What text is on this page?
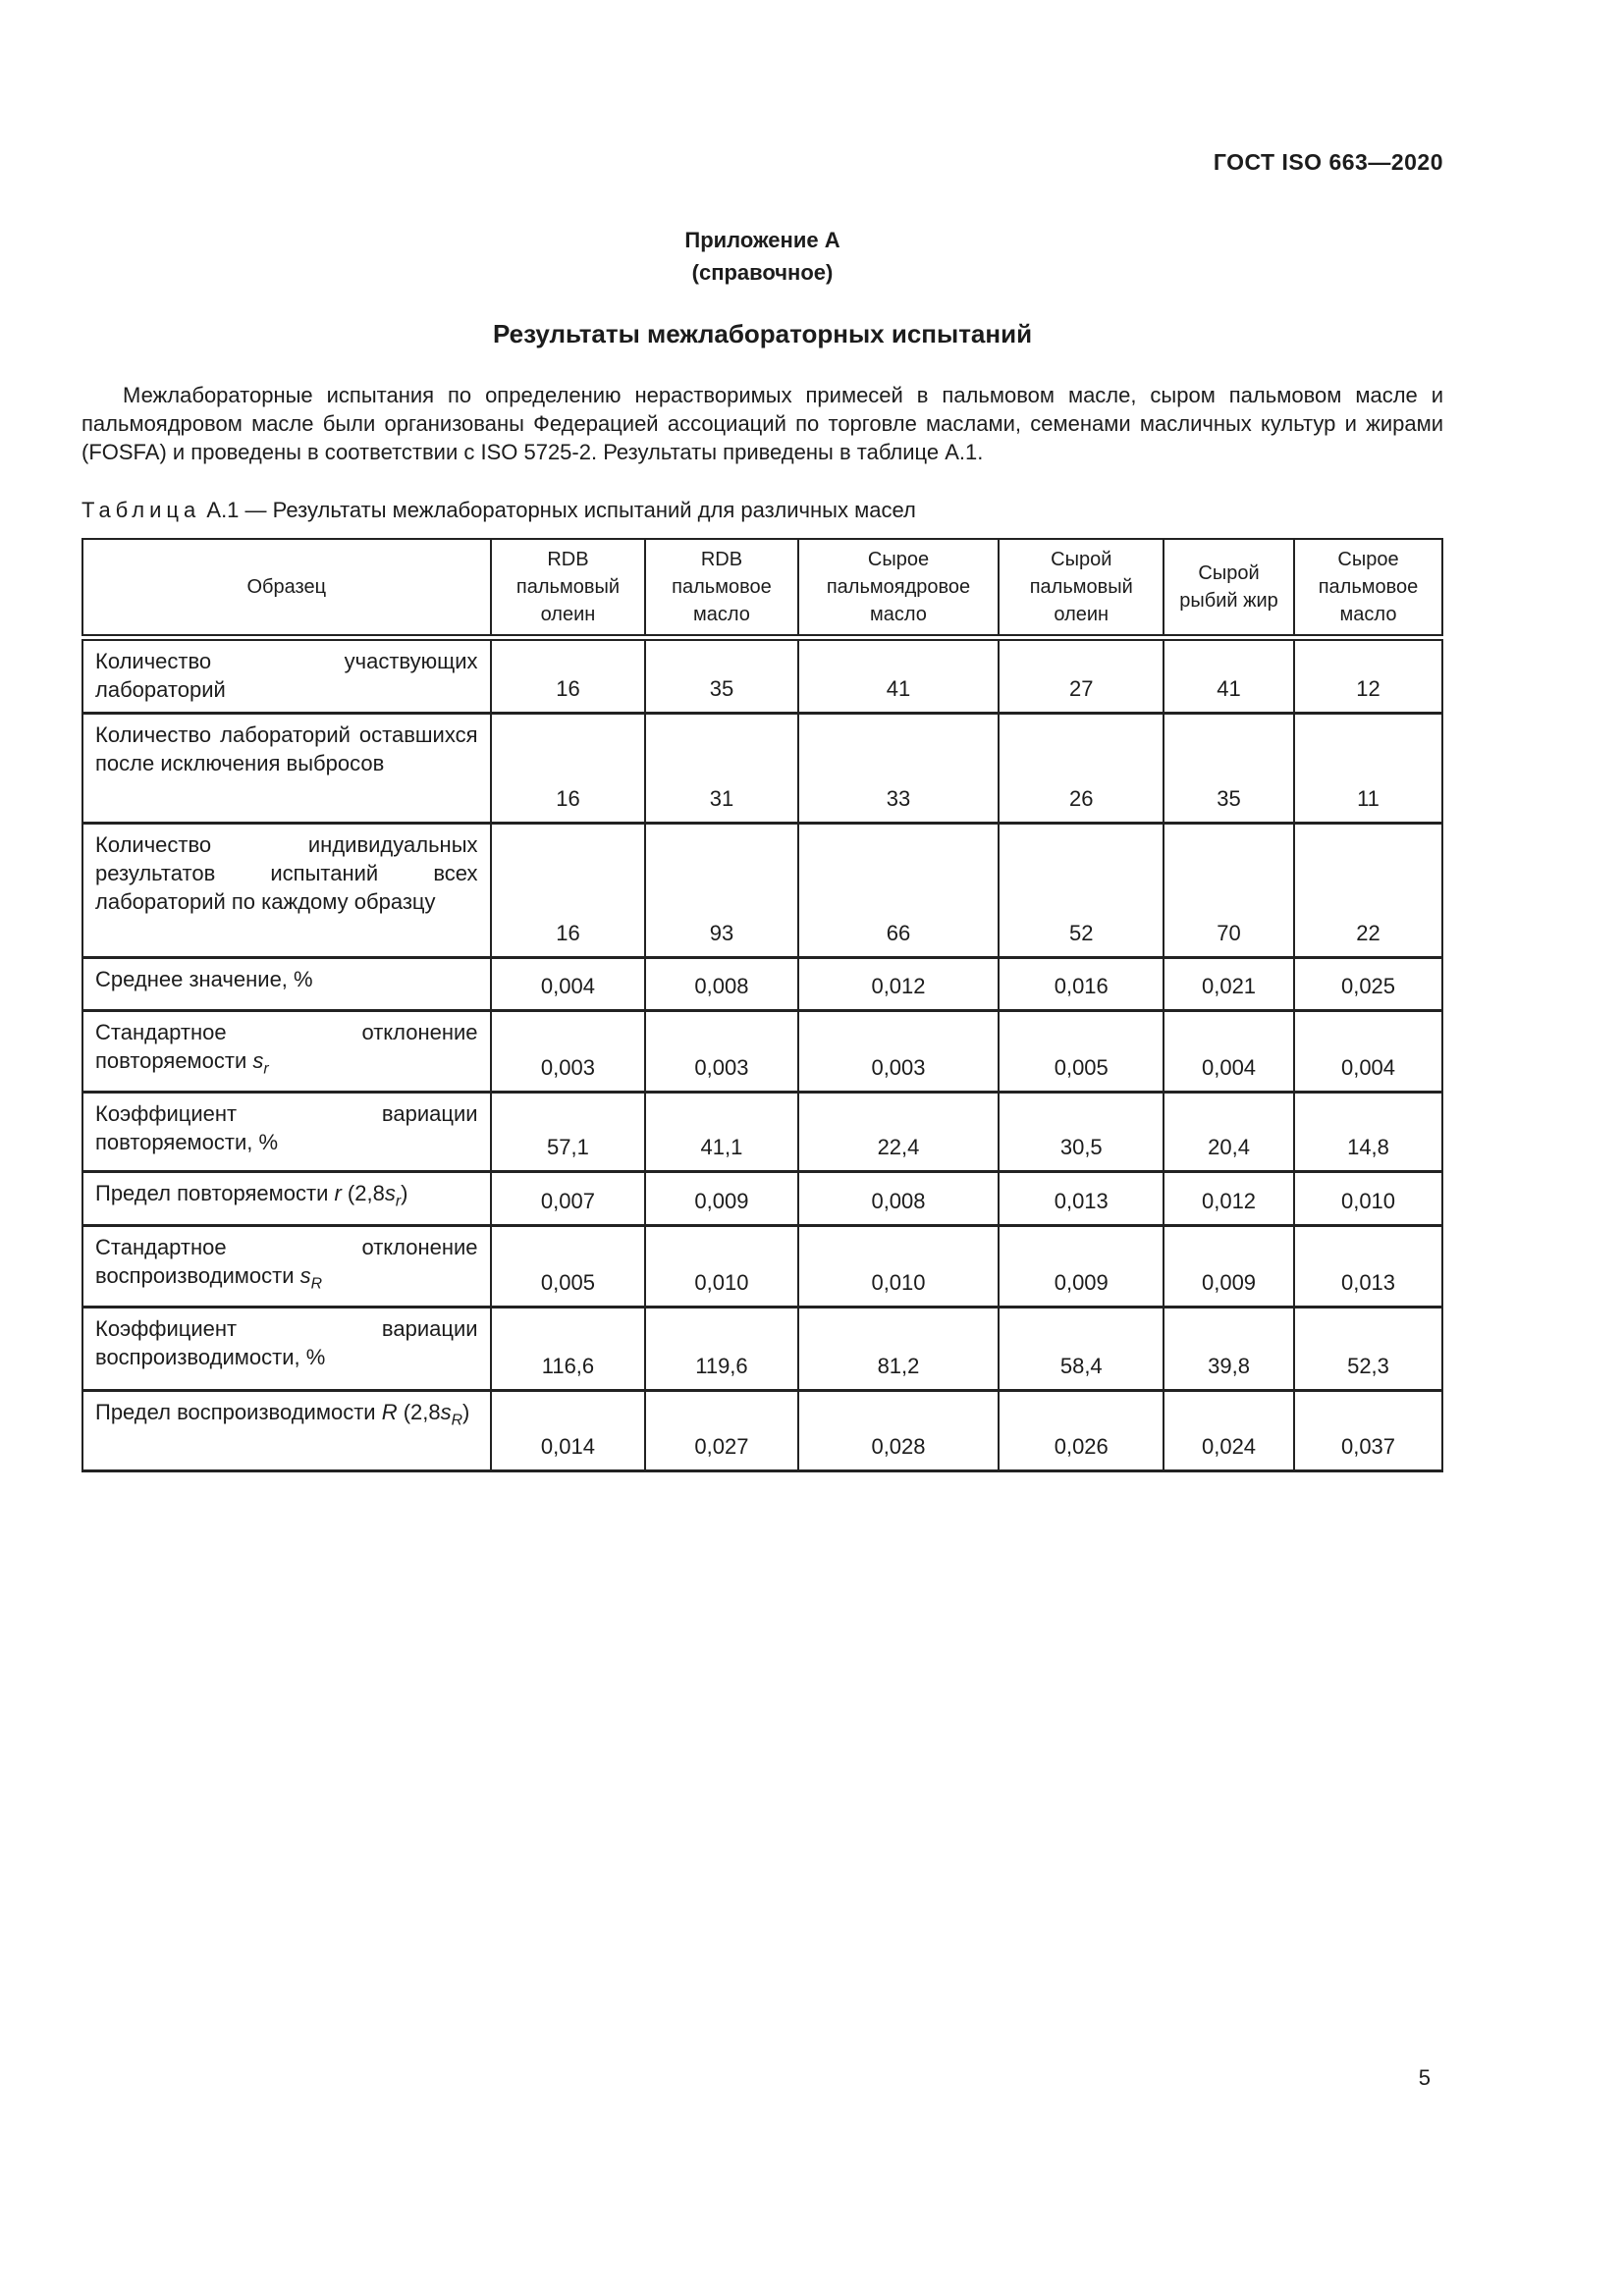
ГОСТ ISO 663—2020
Приложение А
(справочное)
Результаты межлабораторных испытаний

Межлабораторные испытания по определению нерастворимых примесей в пальмовом масле, сыром пальмовом масле и пальмоядровом масле были организованы Федерацией ассоциаций по торговле маслами, семенами масличных культур и жирами (FOSFA) и проведены в соответствии с ISO 5725-2. Результаты приведены в таблице А.1.

Таблица А.1 — Результаты межлабораторных испытаний для различных масел

Образец	RDB пальмовый олеин	RDB пальмовое масло	Сырое пальмоядровое масло	Сырой пальмовый олеин	Сырой рыбий жир	Сырое пальмовое масло
Количество участвующих лабораторий	16	35	41	27	41	12
Количество лабораторий оставшихся после исключения выбросов	16	31	33	26	35	11
Количество индивидуальных результатов испытаний всех лабораторий по каждому образцу	16	93	66	52	70	22
Среднее значение, %	0,004	0,008	0,012	0,016	0,021	0,025
Стандартное отклонение повторяемости $s_r$	0,003	0,003	0,003	0,005	0,004	0,004
Коэффициент вариации повторяемости, %	57,1	41,1	22,4	30,5	20,4	14,8
Предел повторяемости r $(2,8s_r)$	0,007	0,009	0,008	0,013	0,012	0,010
Стандартное отклонение воспроизводимости $s_R$	0,005	0,010	0,010	0,009	0,009	0,013
Коэффициент вариации воспроизводимости, %	116,6	119,6	81,2	58,4	39,8	52,3
Предел воспроизводимости R $(2,8s_R)$	0,014	0,027	0,028	0,026	0,024	0,037
5
